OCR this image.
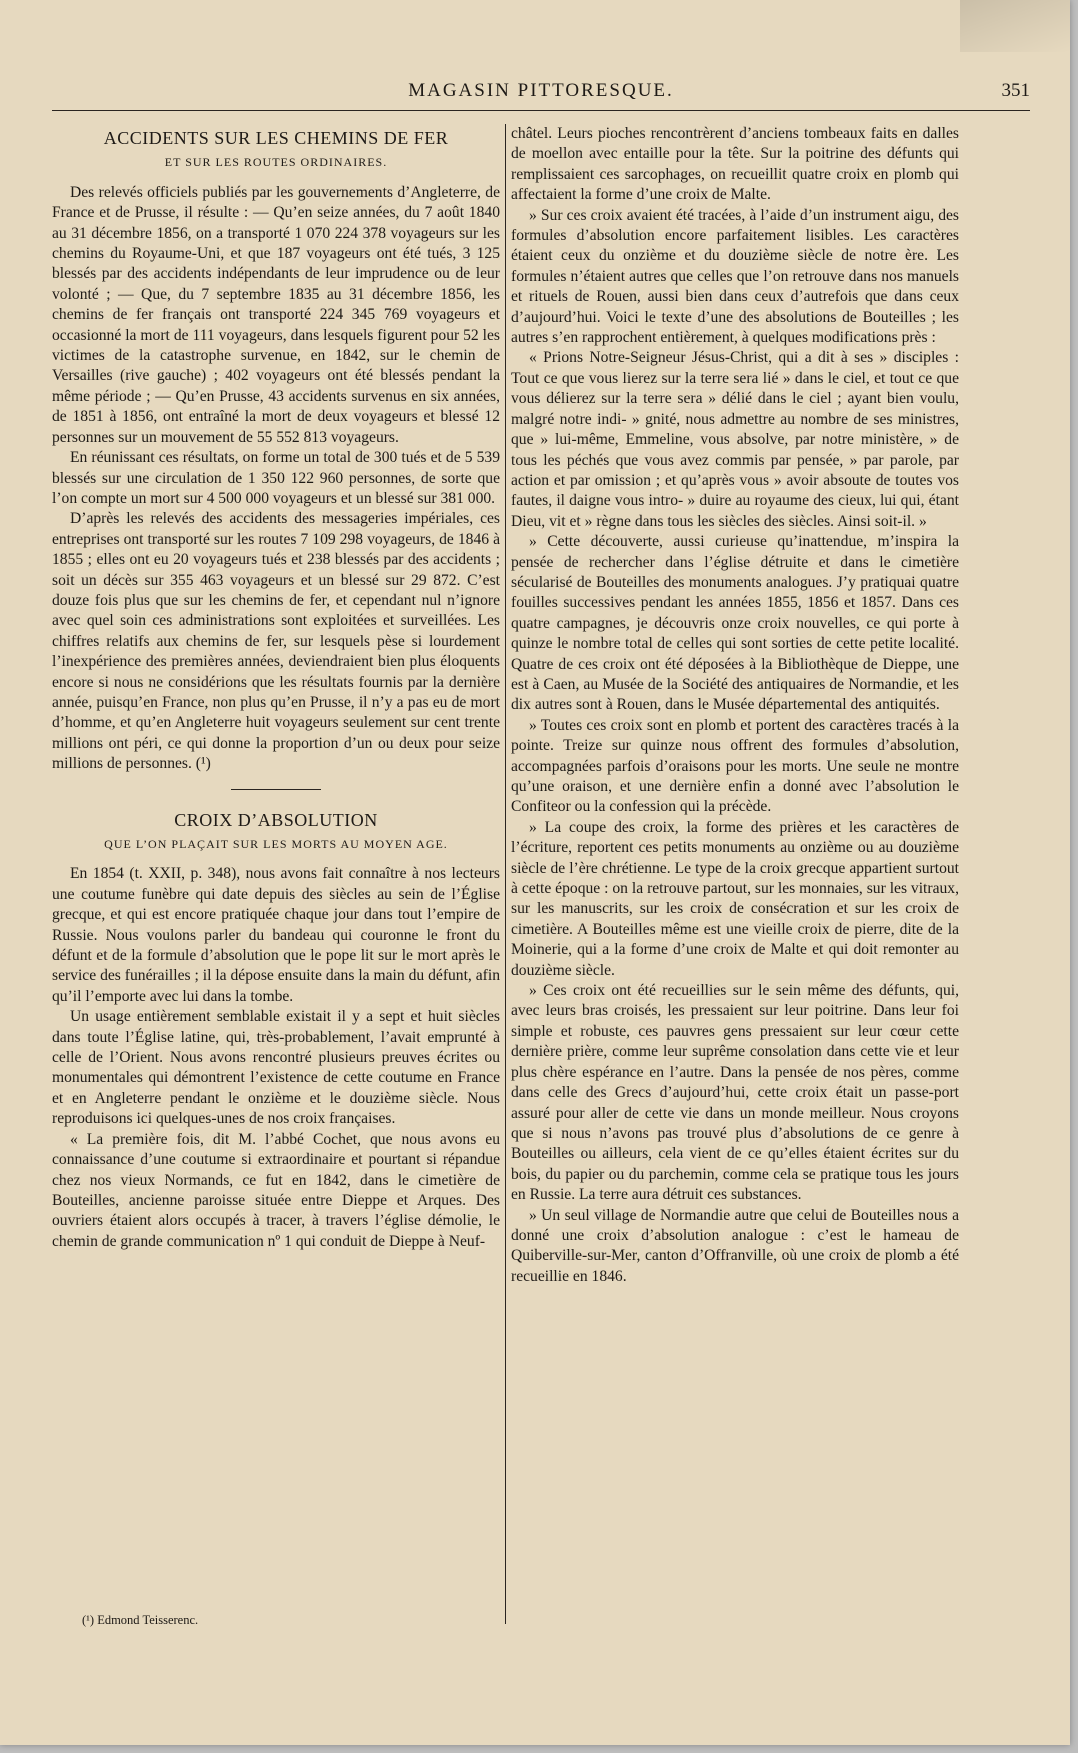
MAGASIN PITTORESQUE.	351
ACCIDENTS SUR LES CHEMINS DE FER
ET SUR LES ROUTES ORDINAIRES.

Des relevés officiels publiés par les gouvernements d’Angleterre, de France et de Prusse, il résulte : — Qu’en seize années, du 7 août 1840 au 31 décembre 1856, on a transporté 1 070 224 378 voyageurs sur les chemins du Royaume-Uni, et que 187 voyageurs ont été tués, 3 125 blessés par des accidents indépendants de leur imprudence ou de leur volonté ; — Que, du 7 septembre 1835 au 31 décembre 1856, les chemins de fer français ont transporté 224 345 769 voyageurs et occasionné la mort de 111 voyageurs, dans lesquels figurent pour 52 les victimes de la catastrophe survenue, en 1842, sur le chemin de Versailles (rive gauche) ; 402 voyageurs ont été blessés pendant la même période ; — Qu’en Prusse, 43 accidents survenus en six années, de 1851 à 1856, ont entraîné la mort de deux voyageurs et blessé 12 personnes sur un mouvement de 55 552 813 voyageurs.

En réunissant ces résultats, on forme un total de 300 tués et de 5 539 blessés sur une circulation de 1 350 122 960 personnes, de sorte que l’on compte un mort sur 4 500 000 voyageurs et un blessé sur 381 000.

D’après les relevés des accidents des messageries impériales, ces entreprises ont transporté sur les routes 7 109 298 voyageurs, de 1846 à 1855 ; elles ont eu 20 voyageurs tués et 238 blessés par des accidents ; soit un décès sur 355 463 voyageurs et un blessé sur 29 872. C’est douze fois plus que sur les chemins de fer, et cependant nul n’ignore avec quel soin ces administrations sont exploitées et surveillées. Les chiffres relatifs aux chemins de fer, sur lesquels pèse si lourdement l’inexpérience des premières années, deviendraient bien plus éloquents encore si nous ne considérions que les résultats fournis par la dernière année, puisqu’en France, non plus qu’en Prusse, il n’y a pas eu de mort d’homme, et qu’en Angleterre huit voyageurs seulement sur cent trente millions ont péri, ce qui donne la proportion d’un ou deux pour seize millions de personnes. (¹)

CROIX D’ABSOLUTION
QUE L’ON PLAÇAIT SUR LES MORTS AU MOYEN AGE.

En 1854 (t. XXII, p. 348), nous avons fait connaître à nos lecteurs une coutume funèbre qui date depuis des siècles au sein de l’Église grecque, et qui est encore pratiquée chaque jour dans tout l’empire de Russie. Nous voulons parler du bandeau qui couronne le front du défunt et de la formule d’absolution que le pope lit sur le mort après le service des funérailles ; il la dépose ensuite dans la main du défunt, afin qu’il l’emporte avec lui dans la tombe.

Un usage entièrement semblable existait il y a sept et huit siècles dans toute l’Église latine, qui, très-probablement, l’avait emprunté à celle de l’Orient. Nous avons rencontré plusieurs preuves écrites ou monumentales qui démontrent l’existence de cette coutume en France et en Angleterre pendant le onzième et le douzième siècle. Nous reproduisons ici quelques-unes de nos croix françaises.

« La première fois, dit M. l’abbé Cochet, que nous avons eu connaissance d’une coutume si extraordinaire et pourtant si répandue chez nos vieux Normands, ce fut en 1842, dans le cimetière de Bouteilles, ancienne paroisse située entre Dieppe et Arques. Des ouvriers étaient alors occupés à tracer, à travers l’église démolie, le chemin de grande communication nº 1 qui conduit de Dieppe à Neuf-

châtel. Leurs pioches rencontrèrent d’anciens tombeaux faits en dalles de moellon avec entaille pour la tête. Sur la poitrine des défunts qui remplissaient ces sarcophages, on recueillit quatre croix en plomb qui affectaient la forme d’une croix de Malte.

» Sur ces croix avaient été tracées, à l’aide d’un instrument aigu, des formules d’absolution encore parfaitement lisibles. Les caractères étaient ceux du onzième et du douzième siècle de notre ère. Les formules n’étaient autres que celles que l’on retrouve dans nos manuels et rituels de Rouen, aussi bien dans ceux d’autrefois que dans ceux d’aujourd’hui. Voici le texte d’une des absolutions de Bouteilles ; les autres s’en rapprochent entièrement, à quelques modifications près :

« Prions Notre-Seigneur Jésus-Christ, qui a dit à ses » disciples : Tout ce que vous lierez sur la terre sera lié » dans le ciel, et tout ce que vous délierez sur la terre sera » délié dans le ciel ; ayant bien voulu, malgré notre indi- » gnité, nous admettre au nombre de ses ministres, que » lui-même, Emmeline, vous absolve, par notre ministère, » de tous les péchés que vous avez commis par pensée, » par parole, par action et par omission ; et qu’après vous » avoir absoute de toutes vos fautes, il daigne vous intro- » duire au royaume des cieux, lui qui, étant Dieu, vit et » règne dans tous les siècles des siècles. Ainsi soit-il. »

» Cette découverte, aussi curieuse qu’inattendue, m’inspira la pensée de rechercher dans l’église détruite et dans le cimetière sécularisé de Bouteilles des monuments analogues. J’y pratiquai quatre fouilles successives pendant les années 1855, 1856 et 1857. Dans ces quatre campagnes, je découvris onze croix nouvelles, ce qui porte à quinze le nombre total de celles qui sont sorties de cette petite localité. Quatre de ces croix ont été déposées à la Bibliothèque de Dieppe, une est à Caen, au Musée de la Société des antiquaires de Normandie, et les dix autres sont à Rouen, dans le Musée départemental des antiquités.

» Toutes ces croix sont en plomb et portent des caractères tracés à la pointe. Treize sur quinze nous offrent des formules d’absolution, accompagnées parfois d’oraisons pour les morts. Une seule ne montre qu’une oraison, et une dernière enfin a donné avec l’absolution le Confiteor ou la confession qui la précède.

» La coupe des croix, la forme des prières et les caractères de l’écriture, reportent ces petits monuments au onzième ou au douzième siècle de l’ère chrétienne. Le type de la croix grecque appartient surtout à cette époque : on la retrouve partout, sur les monnaies, sur les vitraux, sur les manuscrits, sur les croix de consécration et sur les croix de cimetière. A Bouteilles même est une vieille croix de pierre, dite de la Moinerie, qui a la forme d’une croix de Malte et qui doit remonter au douzième siècle.

» Ces croix ont été recueillies sur le sein même des défunts, qui, avec leurs bras croisés, les pressaient sur leur poitrine. Dans leur foi simple et robuste, ces pauvres gens pressaient sur leur cœur cette dernière prière, comme leur suprême consolation dans cette vie et leur plus chère espérance en l’autre. Dans la pensée de nos pères, comme dans celle des Grecs d’aujourd’hui, cette croix était un passe-port assuré pour aller de cette vie dans un monde meilleur. Nous croyons que si nous n’avons pas trouvé plus d’absolutions de ce genre à Bouteilles ou ailleurs, cela vient de ce qu’elles étaient écrites sur du bois, du papier ou du parchemin, comme cela se pratique tous les jours en Russie. La terre aura détruit ces substances.

» Un seul village de Normandie autre que celui de Bouteilles nous a donné une croix d’absolution analogue : c’est le hameau de Quiberville-sur-Mer, canton d’Offranville, où une croix de plomb a été recueillie en 1846.

(¹) Edmond Teisserenc.
